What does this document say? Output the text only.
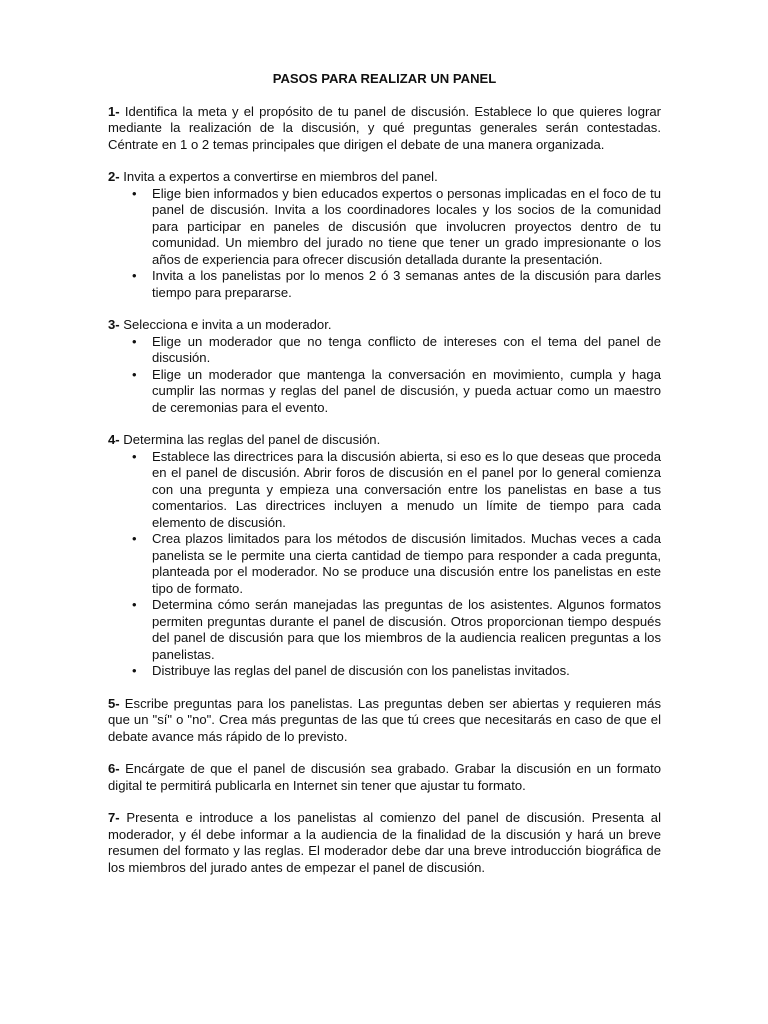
PASOS PARA REALIZAR UN PANEL

1- Identifica la meta y el propósito de tu panel de discusión. Establece lo que quieres lograr mediante la realización de la discusión, y qué preguntas generales serán contestadas. Céntrate en 1 o 2 temas principales que dirigen el debate de una manera organizada.

2- Invita a expertos a convertirse en miembros del panel.

• Elige bien informados y bien educados expertos o personas implicadas en el foco de tu panel de discusión. Invita a los coordinadores locales y los socios de la comunidad para participar en paneles de discusión que involucren proyectos dentro de tu comunidad. Un miembro del jurado no tiene que tener un grado impresionante o los años de experiencia para ofrecer discusión detallada durante la presentación.
• Invita a los panelistas por lo menos 2 ó 3 semanas antes de la discusión para darles tiempo para prepararse.

3- Selecciona e invita a un moderador.

• Elige un moderador que no tenga conflicto de intereses con el tema del panel de discusión.
• Elige un moderador que mantenga la conversación en movimiento, cumpla y haga cumplir las normas y reglas del panel de discusión, y pueda actuar como un maestro de ceremonias para el evento.

4- Determina las reglas del panel de discusión.

• Establece las directrices para la discusión abierta, si eso es lo que deseas que proceda en el panel de discusión. Abrir foros de discusión en el panel por lo general comienza con una pregunta y empieza una conversación entre los panelistas en base a tus comentarios. Las directrices incluyen a menudo un límite de tiempo para cada elemento de discusión.
• Crea plazos limitados para los métodos de discusión limitados. Muchas veces a cada panelista se le permite una cierta cantidad de tiempo para responder a cada pregunta, planteada por el moderador. No se produce una discusión entre los panelistas en este tipo de formato.
• Determina cómo serán manejadas las preguntas de los asistentes. Algunos formatos permiten preguntas durante el panel de discusión. Otros proporcionan tiempo después del panel de discusión para que los miembros de la audiencia realicen preguntas a los panelistas.
• Distribuye las reglas del panel de discusión con los panelistas invitados.

5- Escribe preguntas para los panelistas. Las preguntas deben ser abiertas y requieren más que un "sí" o "no". Crea más preguntas de las que tú crees que necesitarás en caso de que el debate avance más rápido de lo previsto.

6- Encárgate de que el panel de discusión sea grabado. Grabar la discusión en un formato digital te permitirá publicarla en Internet sin tener que ajustar tu formato.

7- Presenta e introduce a los panelistas al comienzo del panel de discusión. Presenta al moderador, y él debe informar a la audiencia de la finalidad de la discusión y hará un breve resumen del formato y las reglas. El moderador debe dar una breve introducción biográfica de los miembros del jurado antes de empezar el panel de discusión.
